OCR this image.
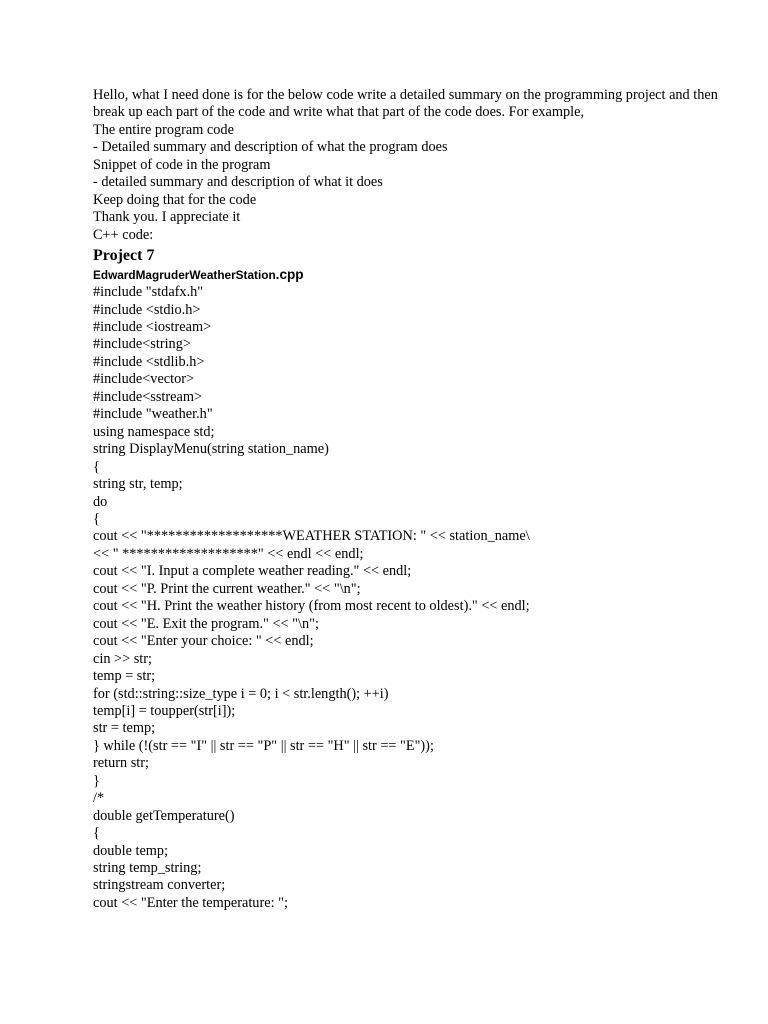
Hello, what I need done is for the below code write a detailed summary on the programming project and then break up each part of the code and write what that part of the code does. For example,
The entire program code
- Detailed summary and description of what the program does
Snippet of code in the program
- detailed summary and description of what it does
Keep doing that for the code
Thank you. I appreciate it
C++ code:
Project 7
EdwardMagruderWeatherStation.cpp
#include "stdafx.h"
#include <stdio.h>
#include <iostream>
#include<string>
#include <stdlib.h>
#include<vector>
#include<sstream>
#include "weather.h"
using namespace std;
string DisplayMenu(string station_name)
{
string str, temp;
do
{
cout << "*******************WEATHER STATION: " << station_name\
<< " *******************" << endl << endl;
cout << "I. Input a complete weather reading." << endl;
cout << "P. Print the current weather." << "\n";
cout << "H. Print the weather history (from most recent to oldest)." << endl;
cout << "E. Exit the program." << "\n";
cout << "Enter your choice: " << endl;
cin >> str;
temp = str;
for (std::string::size_type i = 0; i < str.length(); ++i)
temp[i] = toupper(str[i]);
str = temp;
} while (!(str == "I" || str == "P" || str == "H" || str == "E"));
return str;
}
/*
double getTemperature()
{
double temp;
string temp_string;
stringstream converter;
cout << "Enter the temperature: ";
